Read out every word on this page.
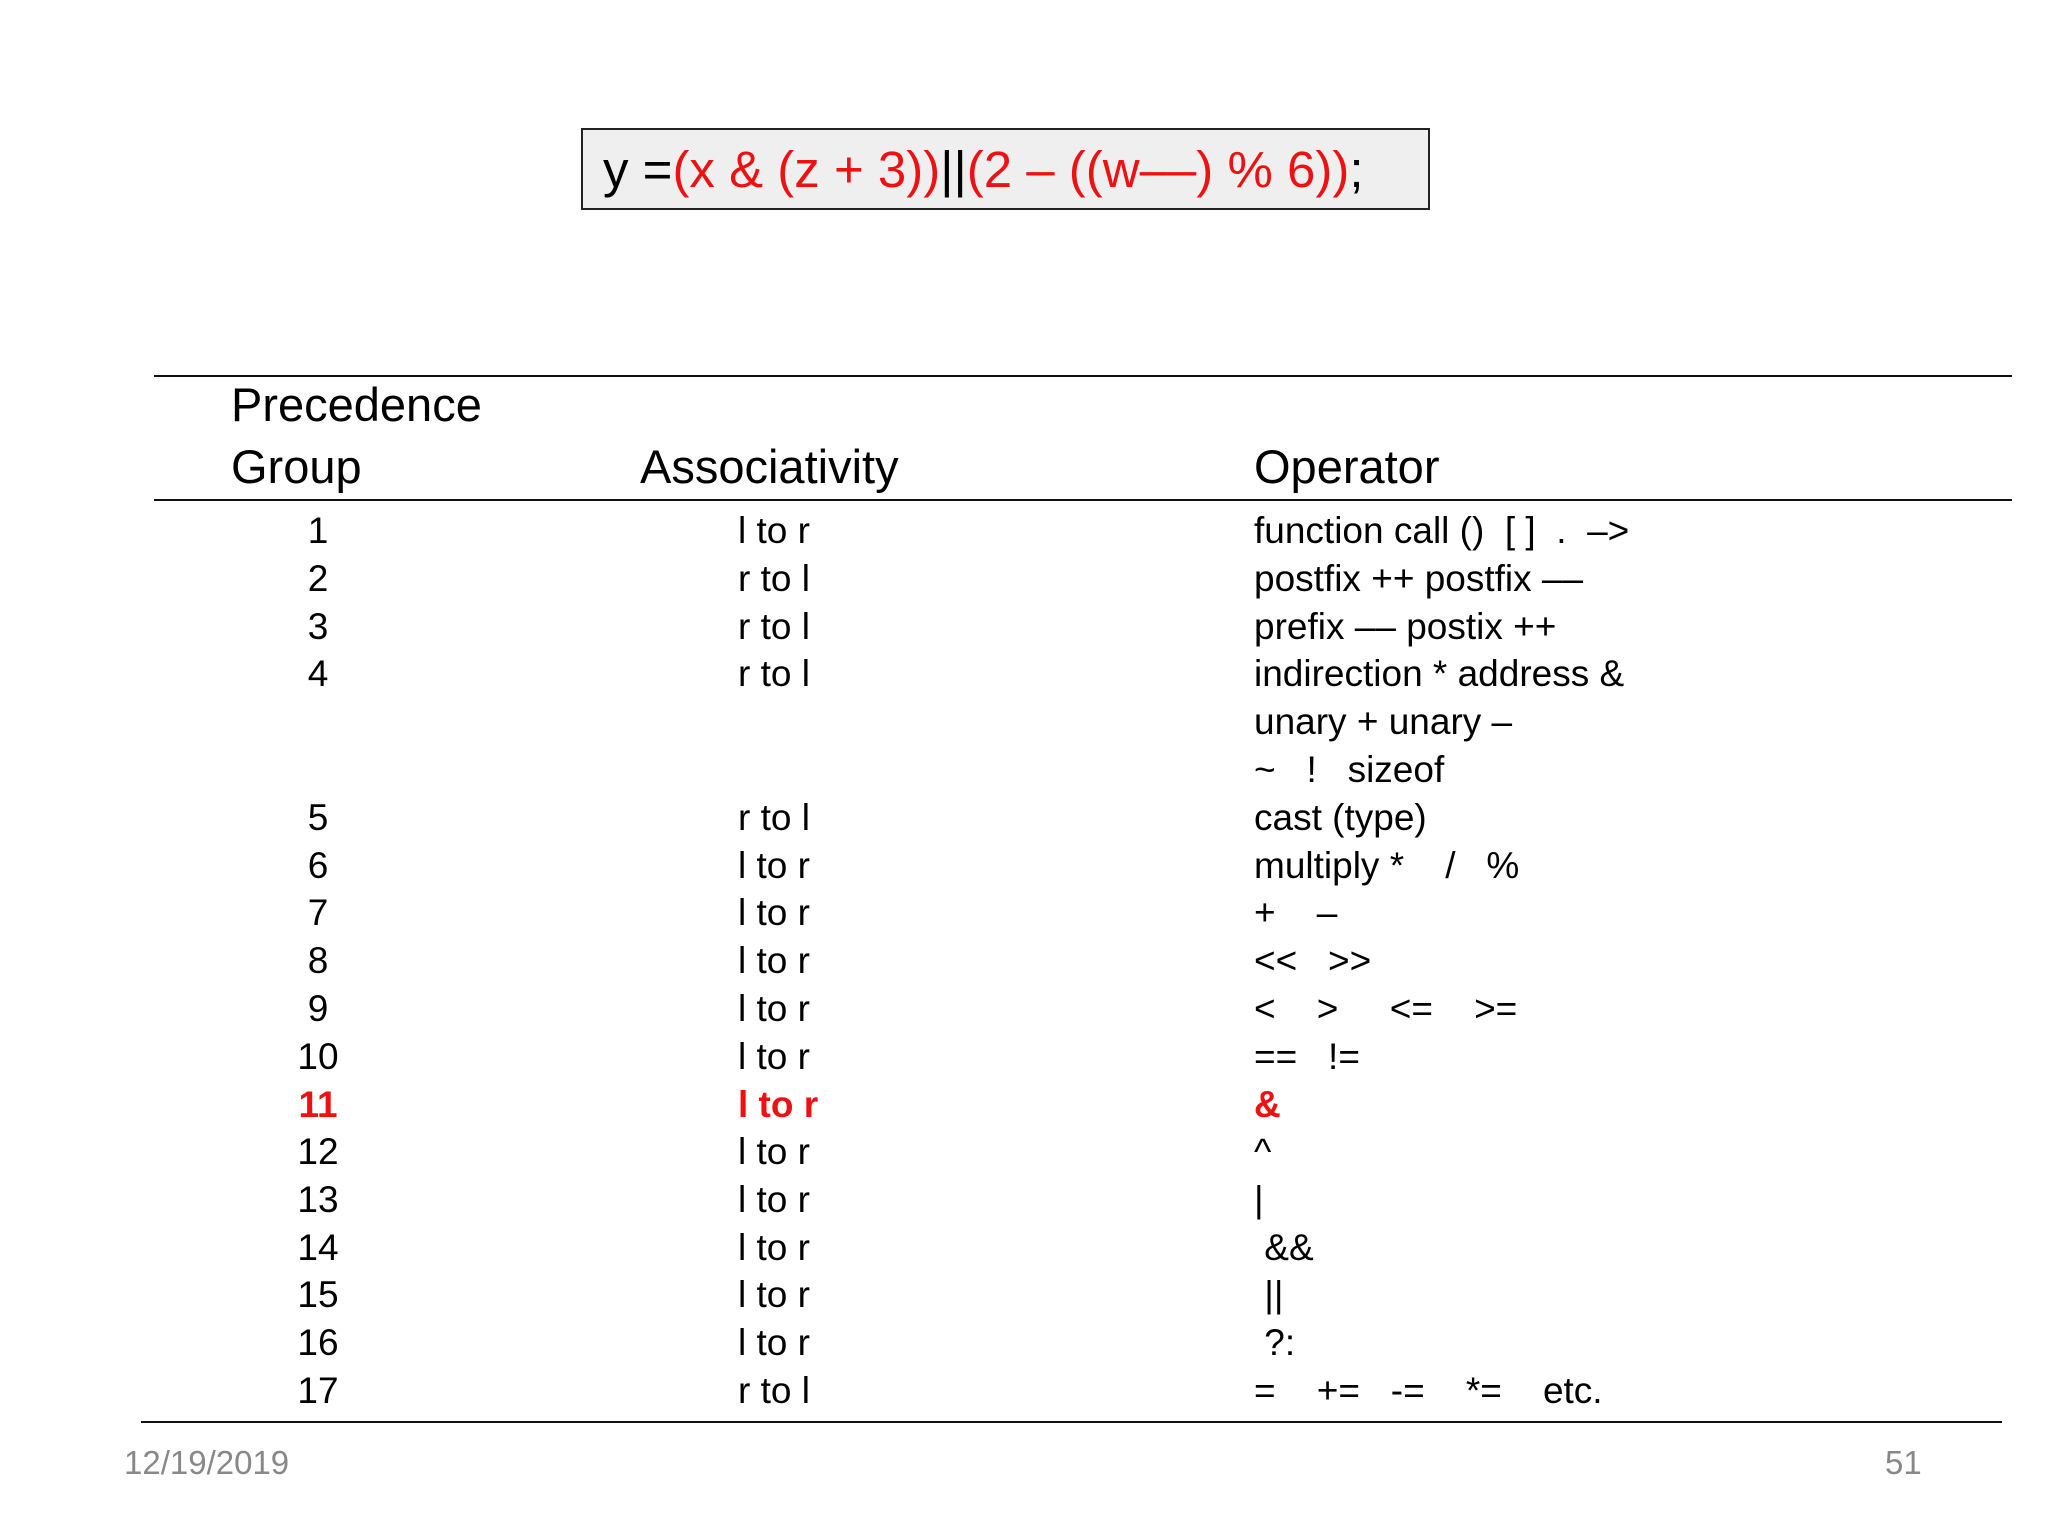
y = (x & (z + 3)) || (2 – ((w––) % 6)) ;
Precedence
Group	Associativity	Operator
1	l to r	function call ()  [ ]  .  –>
2	r to l	postfix ++ postfix ––
3	r to l	prefix –– postix ++
4	r to l	indirection * address &
unary + unary –
~   !   sizeof
5	r to l	cast (type)
6	l to r	multiply *    /   %
7	l to r	+    –
8	l to r	<<   >>
9	l to r	<    >     <=    >=
10	l to r	==   !=
11	l to r	&
12	l to r	^
13	l to r	|
14	l to r	&&
15	l to r	||
16	l to r	?:
17	r to l	=    +=   -=    *=    etc.
12/19/2019	51
